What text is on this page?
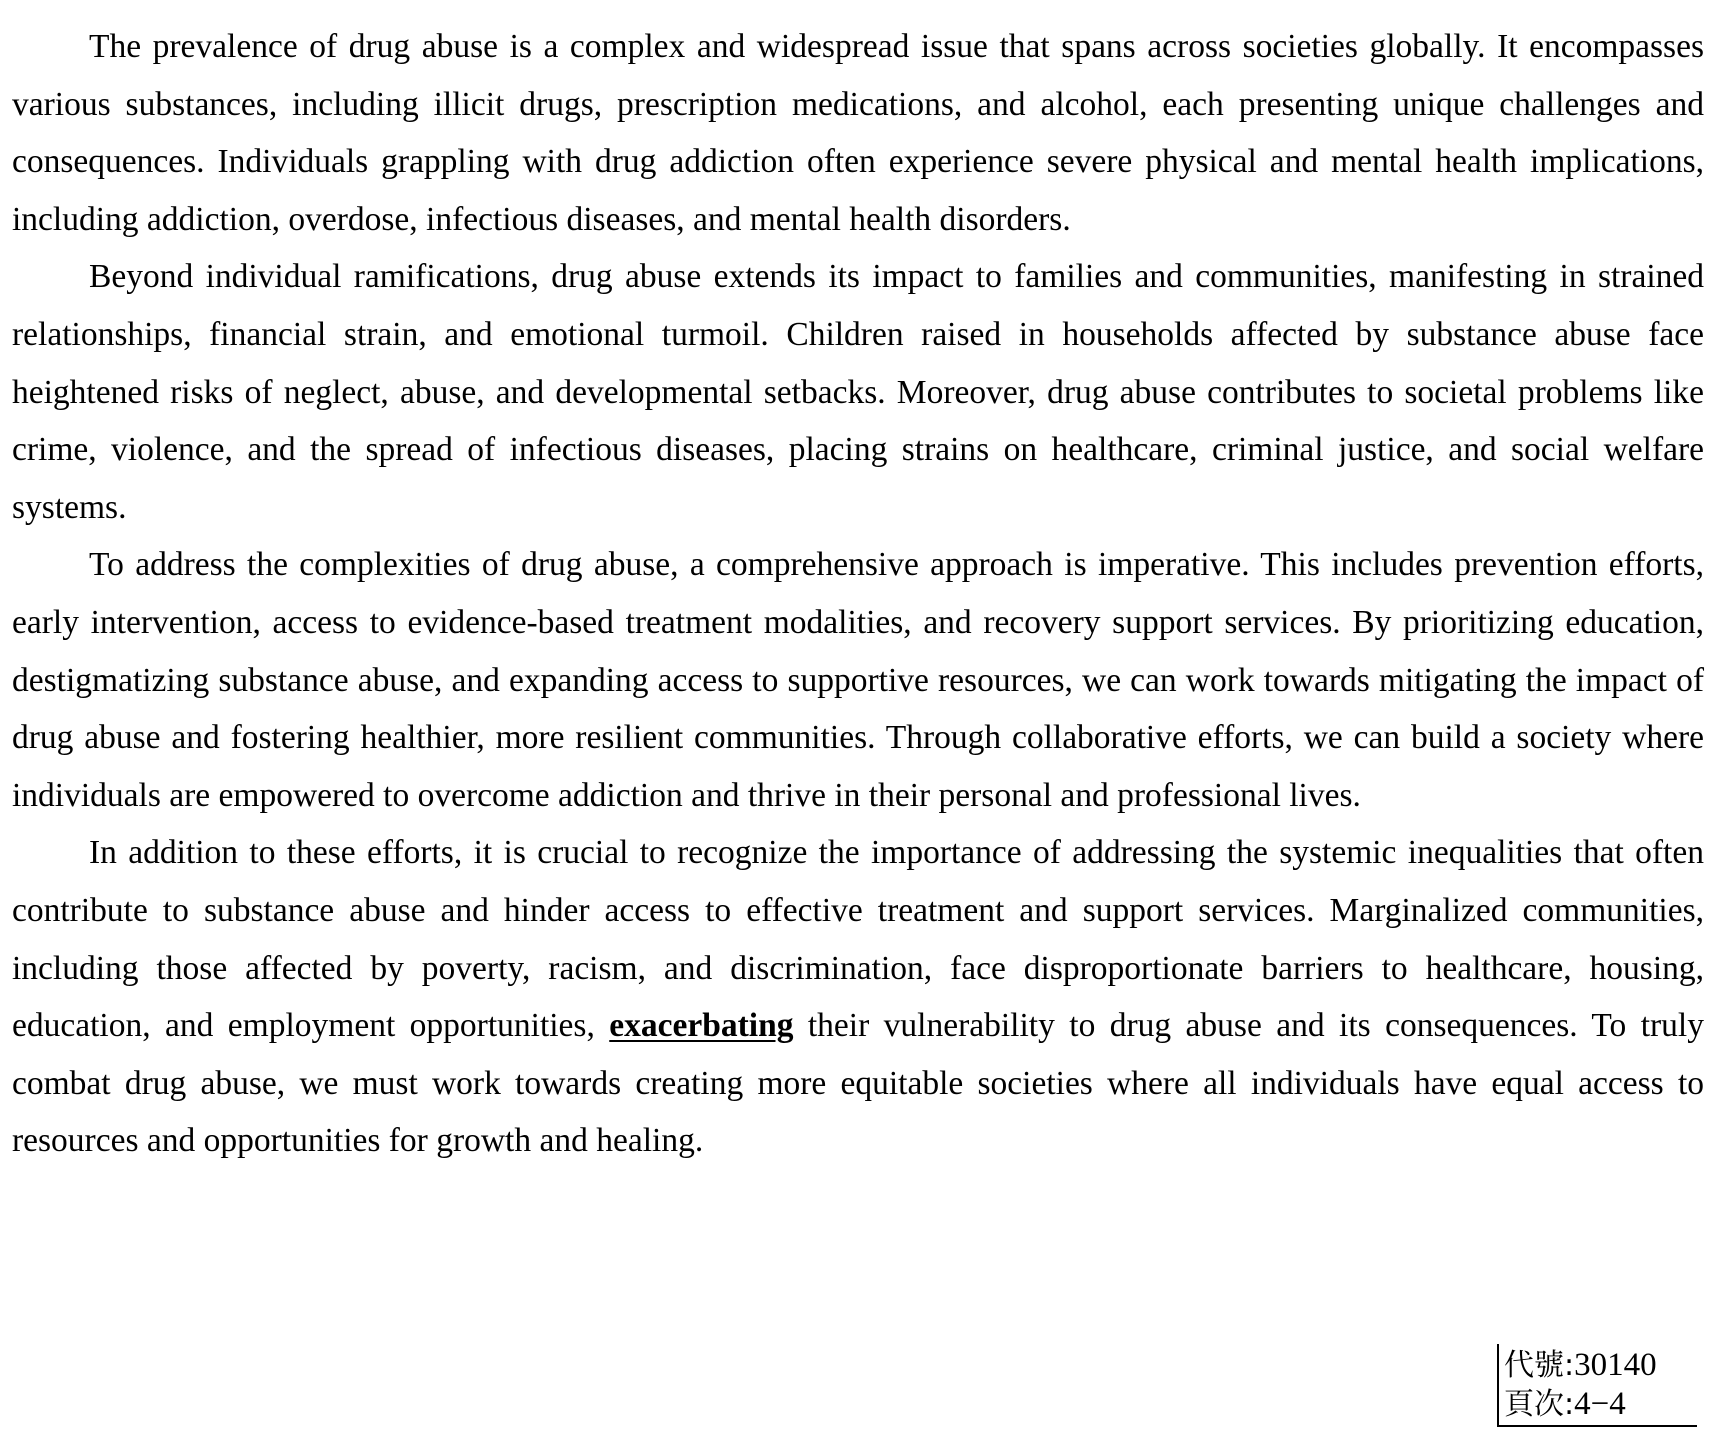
The prevalence of drug abuse is a complex and widespread issue that spans across societies globally. It encompasses various substances, including illicit drugs, prescription medications, and alcohol, each presenting unique challenges and consequences. Individuals grappling with drug addiction often experience severe physical and mental health implications, including addiction, overdose, infectious diseases, and mental health disorders.

Beyond individual ramifications, drug abuse extends its impact to families and communities, manifesting in strained relationships, financial strain, and emotional turmoil. Children raised in households affected by substance abuse face heightened risks of neglect, abuse, and developmental setbacks. Moreover, drug abuse contributes to societal problems like crime, violence, and the spread of infectious diseases, placing strains on healthcare, criminal justice, and social welfare systems.

To address the complexities of drug abuse, a comprehensive approach is imperative. This includes prevention efforts, early intervention, access to evidence-based treatment modalities, and recovery support services. By prioritizing education, destigmatizing substance abuse, and expanding access to supportive resources, we can work towards mitigating the impact of drug abuse and fostering healthier, more resilient communities. Through collaborative efforts, we can build a society where individuals are empowered to overcome addiction and thrive in their personal and professional lives.

In addition to these efforts, it is crucial to recognize the importance of addressing the systemic inequalities that often contribute to substance abuse and hinder access to effective treatment and support services. Marginalized communities, including those affected by poverty, racism, and discrimination, face disproportionate barriers to healthcare, housing, education, and employment opportunities, exacerbating their vulnerability to drug abuse and its consequences. To truly combat drug abuse, we must work towards creating more equitable societies where all individuals have equal access to resources and opportunities for growth and healing.

代號:30140
頁次:4−4
